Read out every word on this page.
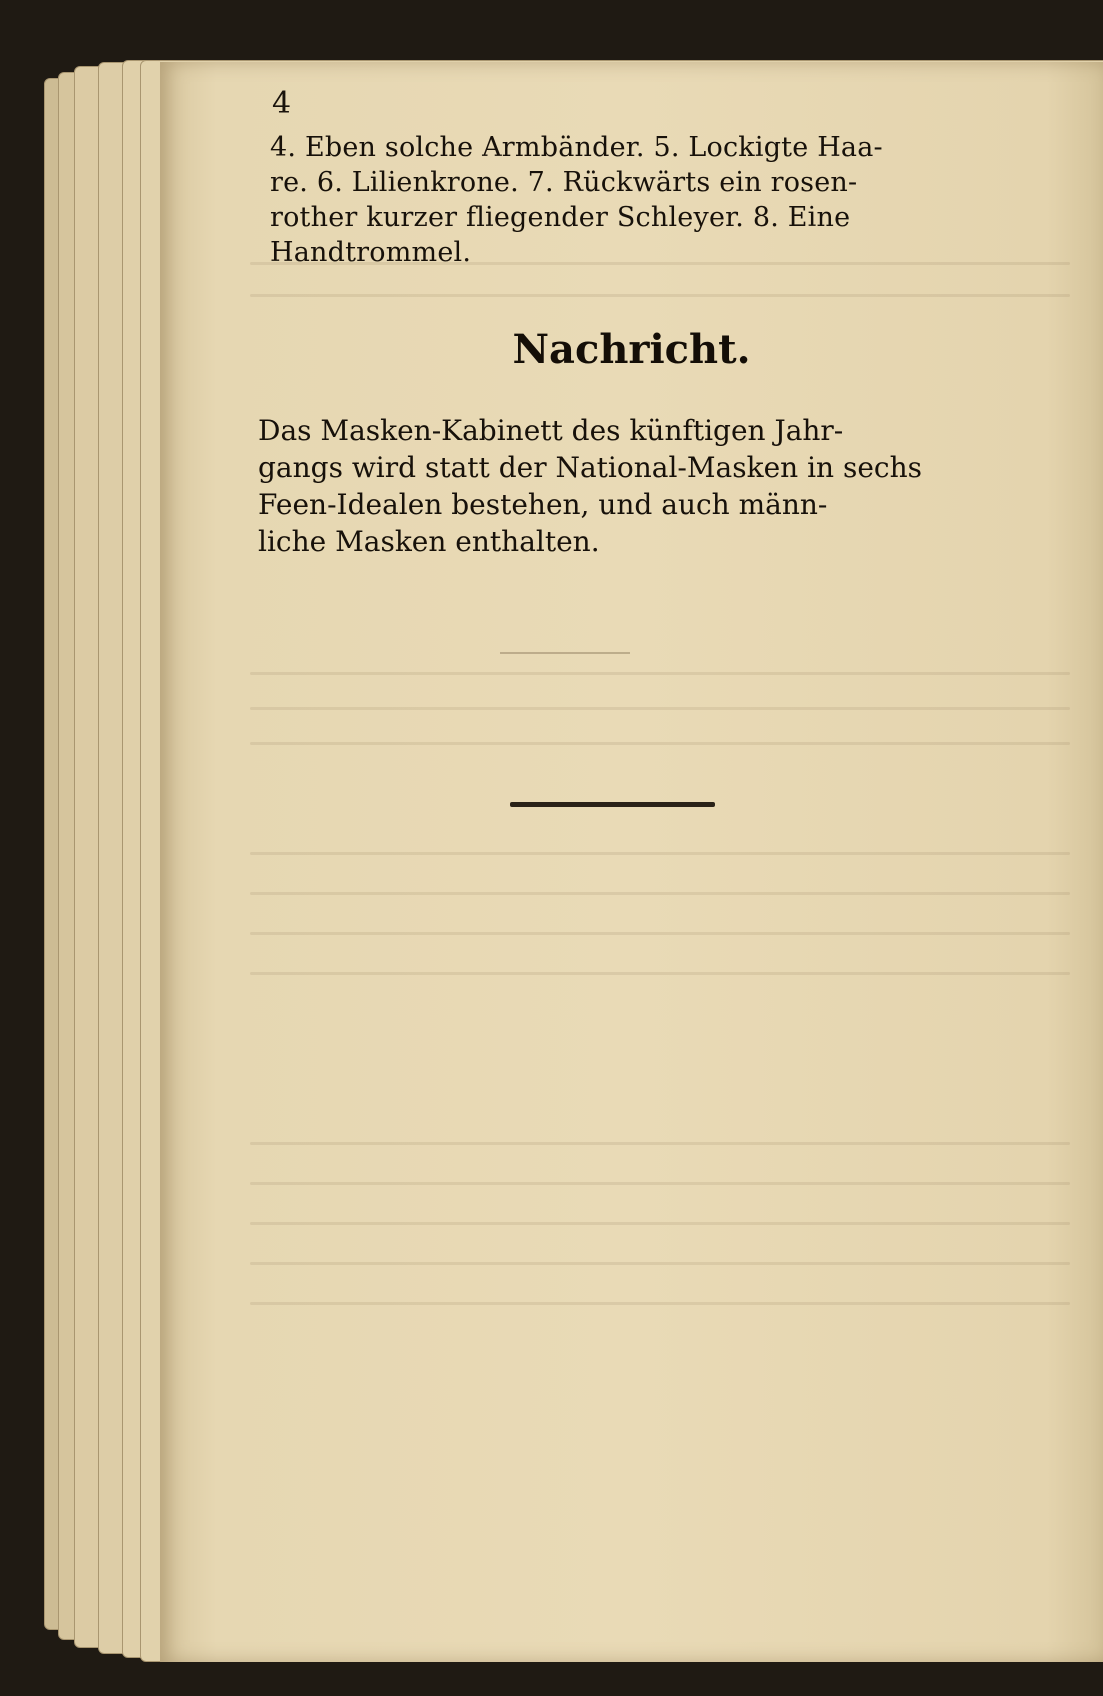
4
4. Eben solche Armbänder. 5. Lockigte Haa-
re. 6. Lilienkrone. 7. Rückwärts ein rosen-
rother kurzer fliegender Schleyer. 8. Eine
Handtrommel.
Nachricht.
Das Masken-Kabinett des künftigen Jahr-
gangs wird statt der National-Masken in sechs
Feen-Idealen bestehen, und auch männ-
liche Masken enthalten.
